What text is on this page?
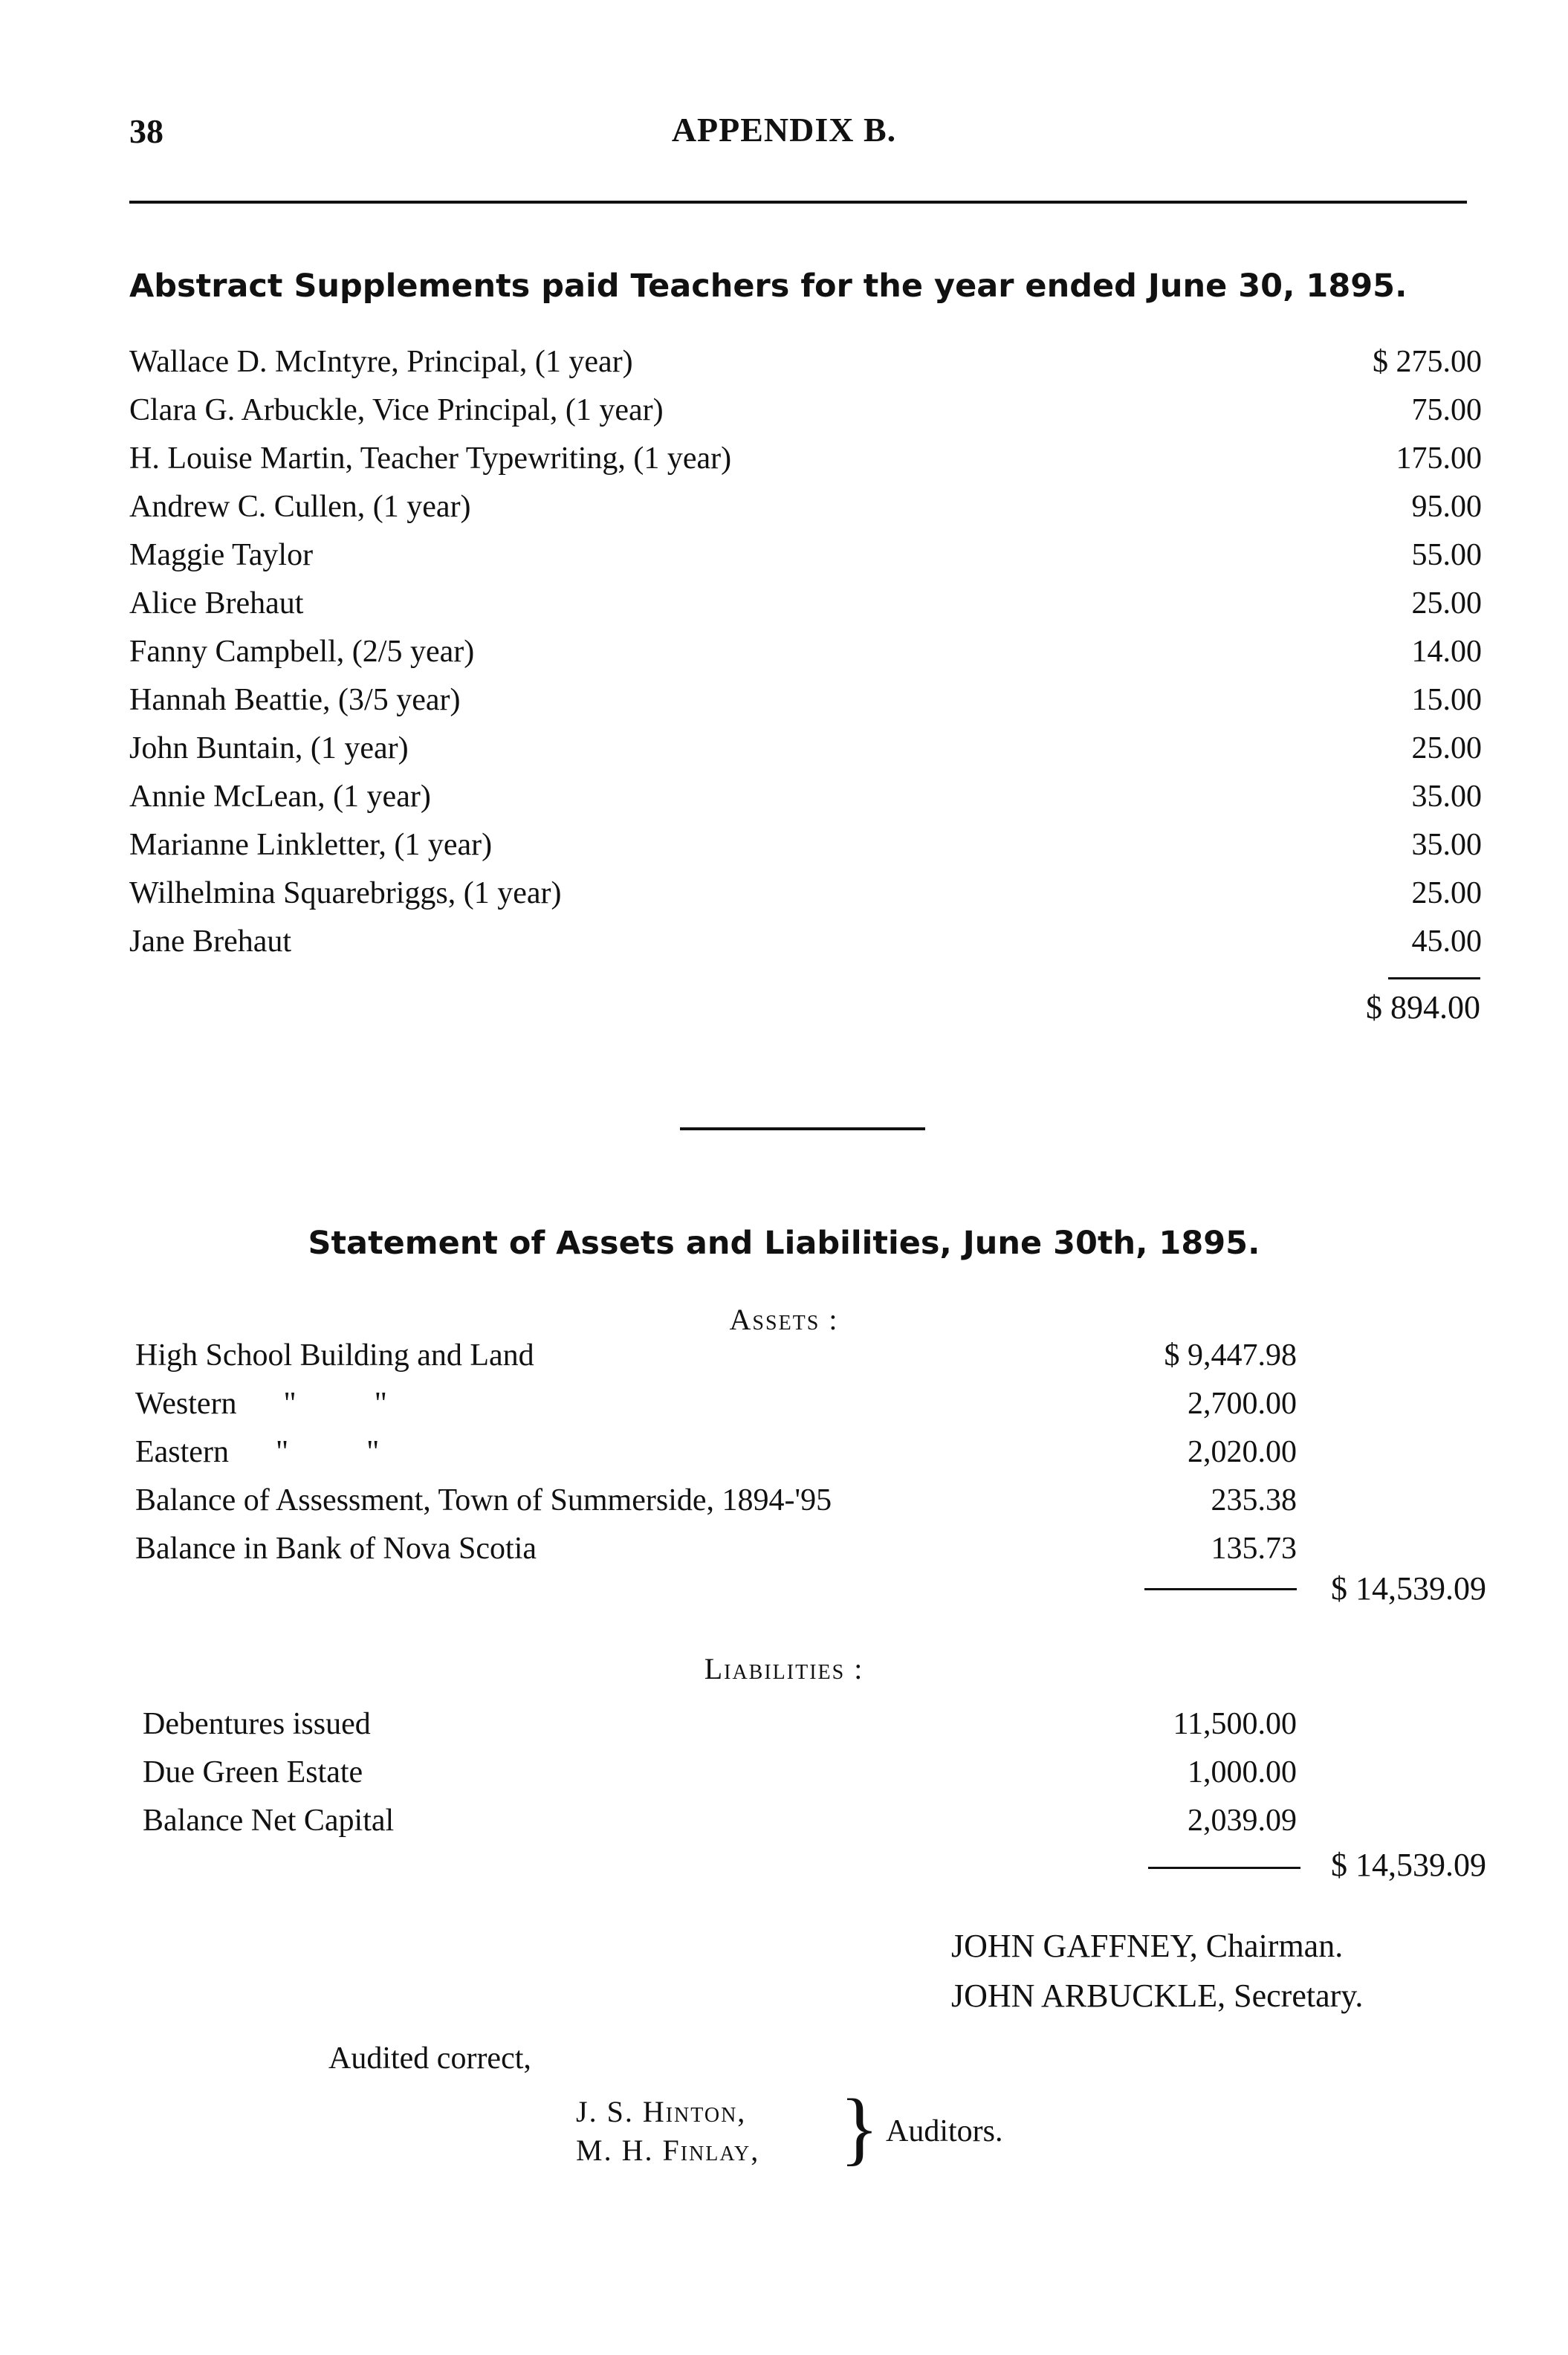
38	APPENDIX B.
Abstract Supplements paid Teachers for the year ended June 30, 1895.
Wallace D. McIntyre, Principal, (1 year)	$ 275.00
Clara G. Arbuckle, Vice Principal, (1 year)	75.00
H. Louise Martin, Teacher Typewriting, (1 year)	175.00
Andrew C. Cullen, (1 year)	95.00
Maggie Taylor	55.00
Alice Brehaut	25.00
Fanny Campbell, (2/5 year)	14.00
Hannah Beattie, (3/5 year)	15.00
John Buntain, (1 year)	25.00
Annie McLean, (1 year)	35.00
Marianne Linkletter, (1 year)	35.00
Wilhelmina Squarebriggs, (1 year)	25.00
Jane Brehaut	45.00
$ 894.00
Statement of Assets and Liabilities, June 30th, 1895.
Assets :
High School Building and Land	$ 9,447.98
Western      "          "	2,700.00
Eastern      "          "	2,020.00
Balance of Assessment, Town of Summerside, 1894-'95	235.38
Balance in Bank of Nova Scotia	135.73
$ 14,539.09
Liabilities :
Debentures issued	11,500.00
Due Green Estate	1,000.00
Balance Net Capital	2,039.09
$ 14,539.09
JOHN GAFFNEY, Chairman.
JOHN ARBUCKLE, Secretary.
Audited correct,
J. S. Hinton,
M. H. Finlay, } Auditors.
